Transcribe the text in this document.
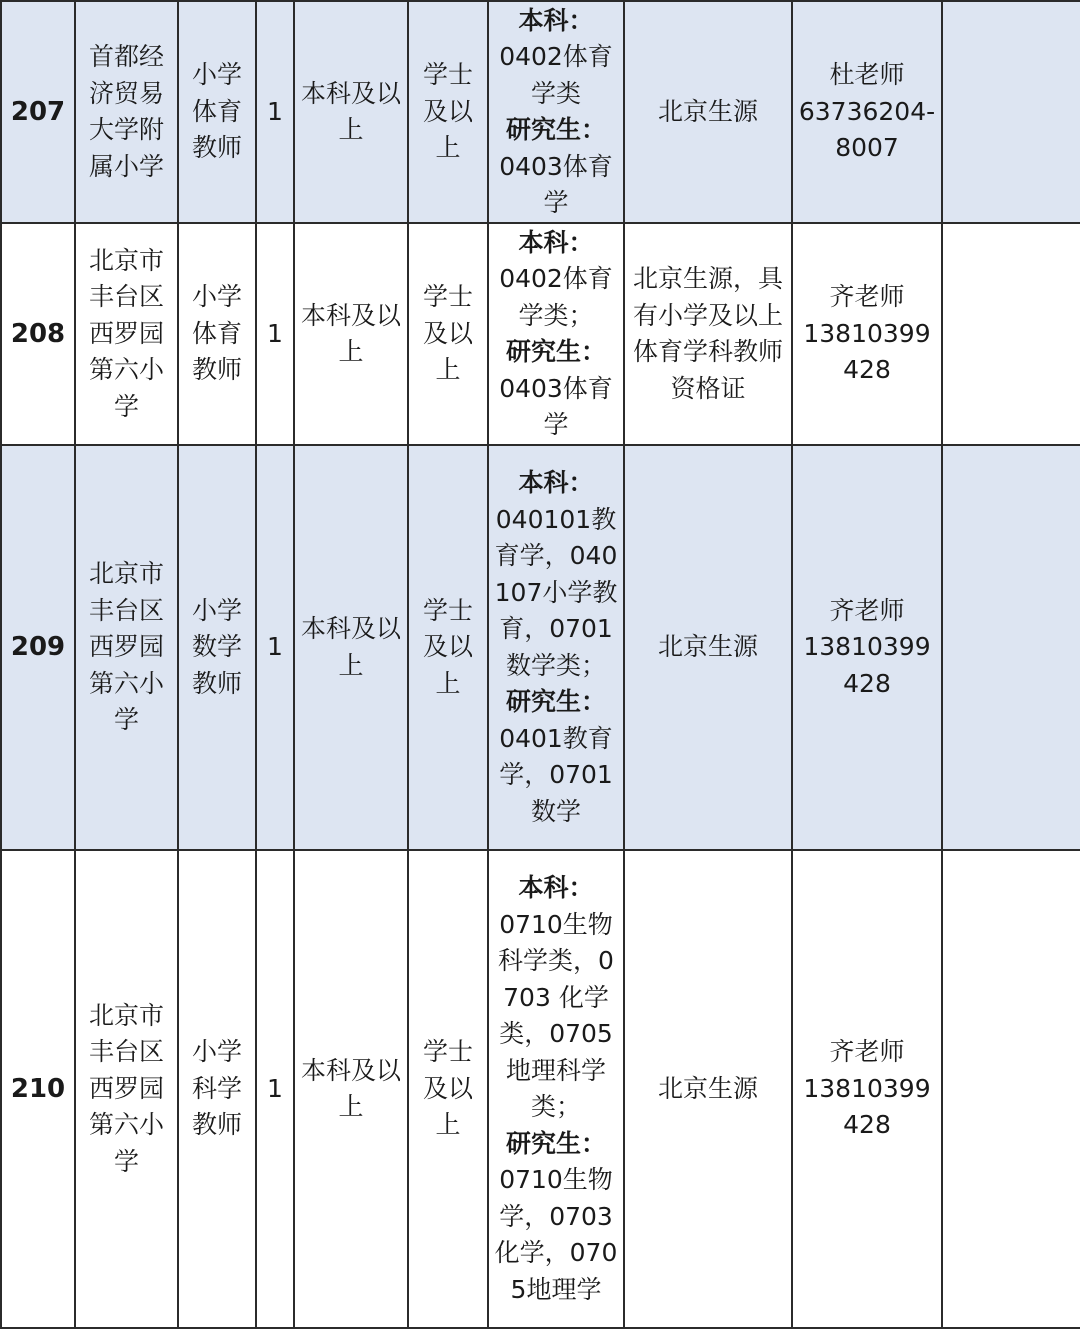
207	首都经济贸易大学附属小学	小学体育教师	1	本科及以上	学士及以上	本科：
0402体育学类
研究生：
0403体育学	北京生源	杜老师
63736204-8007	

208	北京市丰台区西罗园第六小学	小学体育教师	1	本科及以上	学士及以上	本科：
0402体育学类；
研究生：
0403体育学	北京生源，具有小学及以上体育学科教师资格证	齐老师
13810399428	

209	北京市丰台区西罗园第六小学	小学数学教师	1	本科及以上	学士及以上	本科：
040101教育学，040107小学教育，0701数学类；
研究生：
0401教育学，0701数学	北京生源	齐老师
13810399428	

210	北京市丰台区西罗园第六小学	小学科学教师	1	本科及以上	学士及以上	本科：
0710生物科学类，0703 化学类，0705地理科学类；
研究生：
0710生物学，0703化学，0705地理学	北京生源	齐老师
13810399428	
